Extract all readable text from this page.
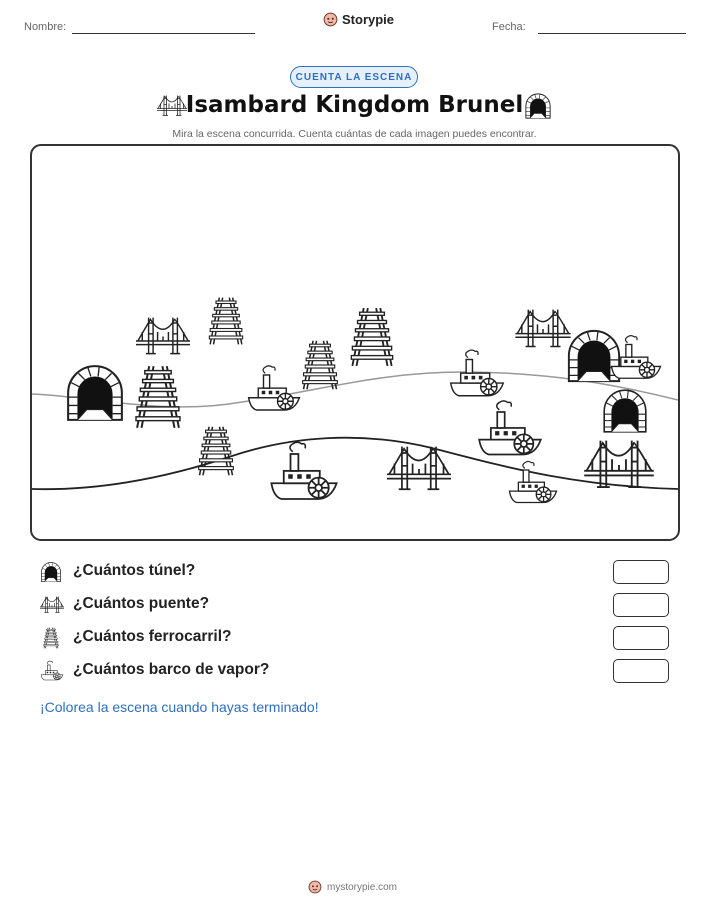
Nombre:	Storypie	Fecha:
CUENTA LA ESCENA
Isambard Kingdom Brunel
Mira la escena concurrida. Cuenta cuántas de cada imagen puedes encontrar.
¿Cuántos túnel?
¿Cuántos puente?
¿Cuántos ferrocarril?
¿Cuántos barco de vapor?
¡Colorea la escena cuando hayas terminado!
mystorypie.com
